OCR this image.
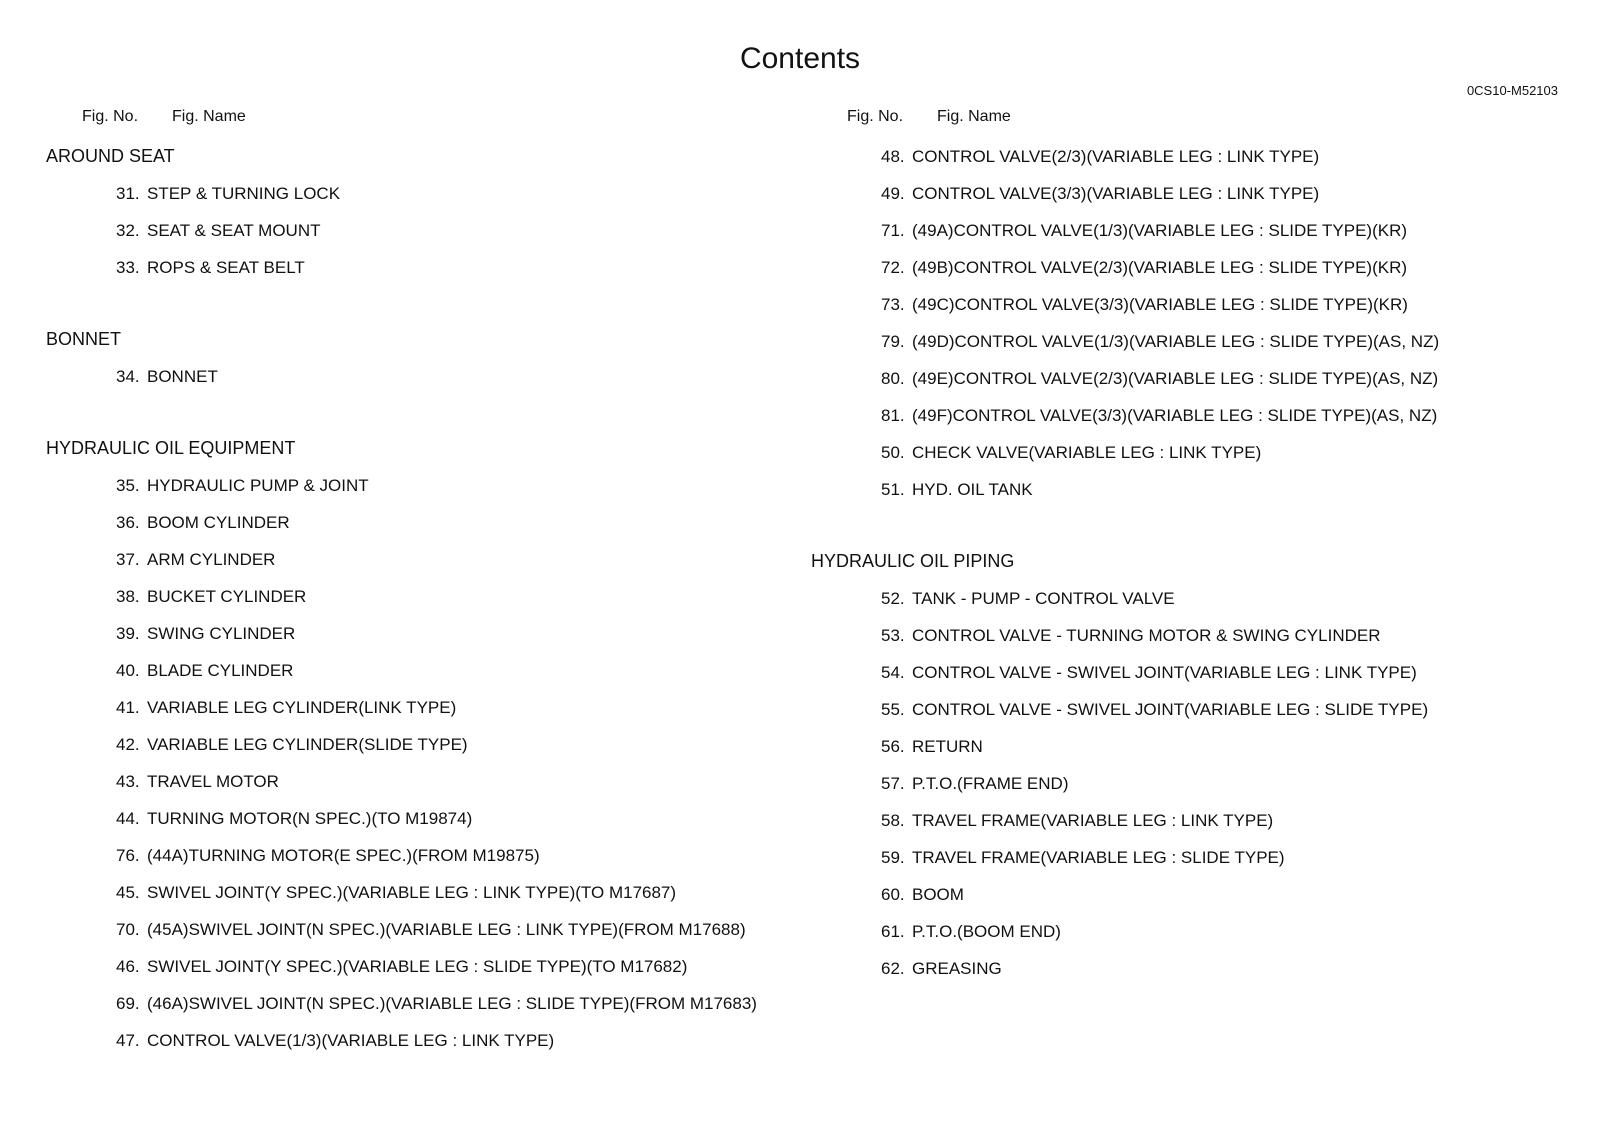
Contents
0CS10-M52103
Fig. No. Fig. Name
AROUND SEAT
31. STEP & TURNING LOCK
32. SEAT & SEAT MOUNT
33. ROPS & SEAT BELT
BONNET
34. BONNET
HYDRAULIC OIL EQUIPMENT
35. HYDRAULIC PUMP & JOINT
36. BOOM CYLINDER
37. ARM CYLINDER
38. BUCKET CYLINDER
39. SWING CYLINDER
40. BLADE CYLINDER
41. VARIABLE LEG CYLINDER(LINK TYPE)
42. VARIABLE LEG CYLINDER(SLIDE TYPE)
43. TRAVEL MOTOR
44. TURNING MOTOR(N SPEC.)(TO M19874)
76. (44A)TURNING MOTOR(E SPEC.)(FROM M19875)
45. SWIVEL JOINT(Y SPEC.)(VARIABLE LEG : LINK TYPE)(TO M17687)
70. (45A)SWIVEL JOINT(N SPEC.)(VARIABLE LEG : LINK TYPE)(FROM M17688)
46. SWIVEL JOINT(Y SPEC.)(VARIABLE LEG : SLIDE TYPE)(TO M17682)
69. (46A)SWIVEL JOINT(N SPEC.)(VARIABLE LEG : SLIDE TYPE)(FROM M17683)
47. CONTROL VALVE(1/3)(VARIABLE LEG : LINK TYPE)
Fig. No. Fig. Name
48. CONTROL VALVE(2/3)(VARIABLE LEG : LINK TYPE)
49. CONTROL VALVE(3/3)(VARIABLE LEG : LINK TYPE)
71. (49A)CONTROL VALVE(1/3)(VARIABLE LEG : SLIDE TYPE)(KR)
72. (49B)CONTROL VALVE(2/3)(VARIABLE LEG : SLIDE TYPE)(KR)
73. (49C)CONTROL VALVE(3/3)(VARIABLE LEG : SLIDE TYPE)(KR)
79. (49D)CONTROL VALVE(1/3)(VARIABLE LEG : SLIDE TYPE)(AS, NZ)
80. (49E)CONTROL VALVE(2/3)(VARIABLE LEG : SLIDE TYPE)(AS, NZ)
81. (49F)CONTROL VALVE(3/3)(VARIABLE LEG : SLIDE TYPE)(AS, NZ)
50. CHECK VALVE(VARIABLE LEG : LINK TYPE)
51. HYD. OIL TANK
HYDRAULIC OIL PIPING
52. TANK - PUMP - CONTROL VALVE
53. CONTROL VALVE - TURNING MOTOR & SWING CYLINDER
54. CONTROL VALVE - SWIVEL JOINT(VARIABLE LEG : LINK TYPE)
55. CONTROL VALVE - SWIVEL JOINT(VARIABLE LEG : SLIDE TYPE)
56. RETURN
57. P.T.O.(FRAME END)
58. TRAVEL FRAME(VARIABLE LEG : LINK TYPE)
59. TRAVEL FRAME(VARIABLE LEG : SLIDE TYPE)
60. BOOM
61. P.T.O.(BOOM END)
62. GREASING
